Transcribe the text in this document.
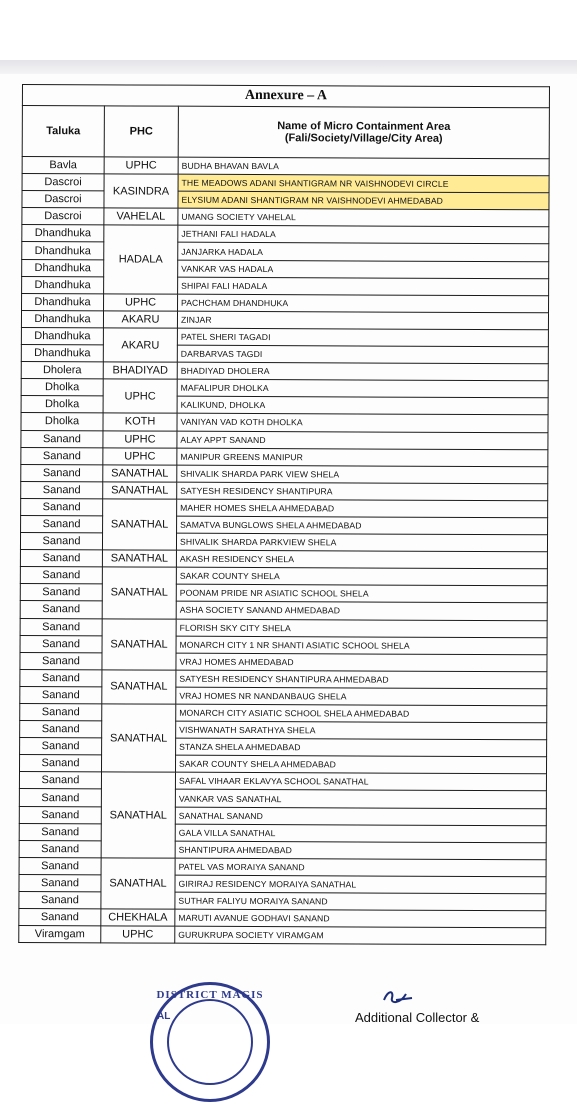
Annexure – A		
Taluka	PHC	Name of Micro Containment Area
(Fali/Society/Village/City Area)

Bavla	UPHC	BUDHA BHAVAN BAVLA
Dascroi	KASINDRA	THE MEADOWS ADANI SHANTIGRAM NR VAISHNODEVI CIRCLE
Dascroi		ELYSIUM ADANI SHANTIGRAM NR VAISHNODEVI AHMEDABAD
Dascroi	VAHELAL	UMANG SOCIETY VAHELAL
Dhandhuka	HADALA	JETHANI FALI HADALA
Dhandhuka		JANJARKA HADALA
Dhandhuka		VANKAR VAS HADALA
Dhandhuka		SHIPAI FALI HADALA
Dhandhuka	UPHC	PACHCHAM DHANDHUKA
Dhandhuka	AKARU	ZINJAR
Dhandhuka	AKARU	PATEL SHERI TAGADI
Dhandhuka		DARBARVAS TAGDI
Dholera	BHADIYAD	BHADIYAD DHOLERA
Dholka	UPHC	MAFALIPUR DHOLKA
Dholka		KALIKUND, DHOLKA
Dholka	KOTH	VANIYAN VAD KOTH DHOLKA
Sanand	UPHC	ALAY APPT SANAND
Sanand	UPHC	MANIPUR GREENS MANIPUR
Sanand	SANATHAL	SHIVALIK SHARDA PARK VIEW SHELA
Sanand	SANATHAL	SATYESH RESIDENCY SHANTIPURA
Sanand	SANATHAL	MAHER HOMES SHELA AHMEDABAD
Sanand		SAMATVA BUNGLOWS SHELA AHMEDABAD
Sanand		SHIVALIK SHARDA PARKVIEW SHELA
Sanand	SANATHAL	AKASH RESIDENCY SHELA
Sanand	SANATHAL	SAKAR COUNTY SHELA
Sanand		POONAM PRIDE NR ASIATIC SCHOOL SHELA
Sanand		ASHA SOCIETY SANAND AHMEDABAD
Sanand	SANATHAL	FLORISH SKY CITY SHELA
Sanand		MONARCH CITY 1 NR SHANTI ASIATIC SCHOOL SHELA
Sanand		VRAJ HOMES AHMEDABAD
Sanand	SANATHAL	SATYESH RESIDENCY SHANTIPURA AHMEDABAD
Sanand		VRAJ HOMES NR NANDANBAUG SHELA
Sanand	SANATHAL	MONARCH CITY ASIATIC SCHOOL SHELA AHMEDABAD
Sanand		VISHWANATH SARATHYA SHELA
Sanand		STANZA SHELA AHMEDABAD
Sanand		SAKAR COUNTY SHELA AHMEDABAD
Sanand	SANATHAL	SAFAL VIHAAR EKLAVYA SCHOOL SANATHAL
Sanand		VANKAR VAS SANATHAL
Sanand		SANATHAL SANAND
Sanand		GALA VILLA SANATHAL
Sanand		SHANTIPURA AHMEDABAD
Sanand	SANATHAL	PATEL VAS MORAIYA SANAND
Sanand		GIRIRAJ RESIDENCY MORAIYA SANATHAL
Sanand		SUTHAR FALIYU MORAIYA SANAND
Sanand	CHEKHALA	MARUTI AVANUE GODHAVI SANAND
Viramgam	UPHC	GURUKRUPA SOCIETY VIRAMGAM
DISTRICT MAGIS
AL	Additional Collector &
